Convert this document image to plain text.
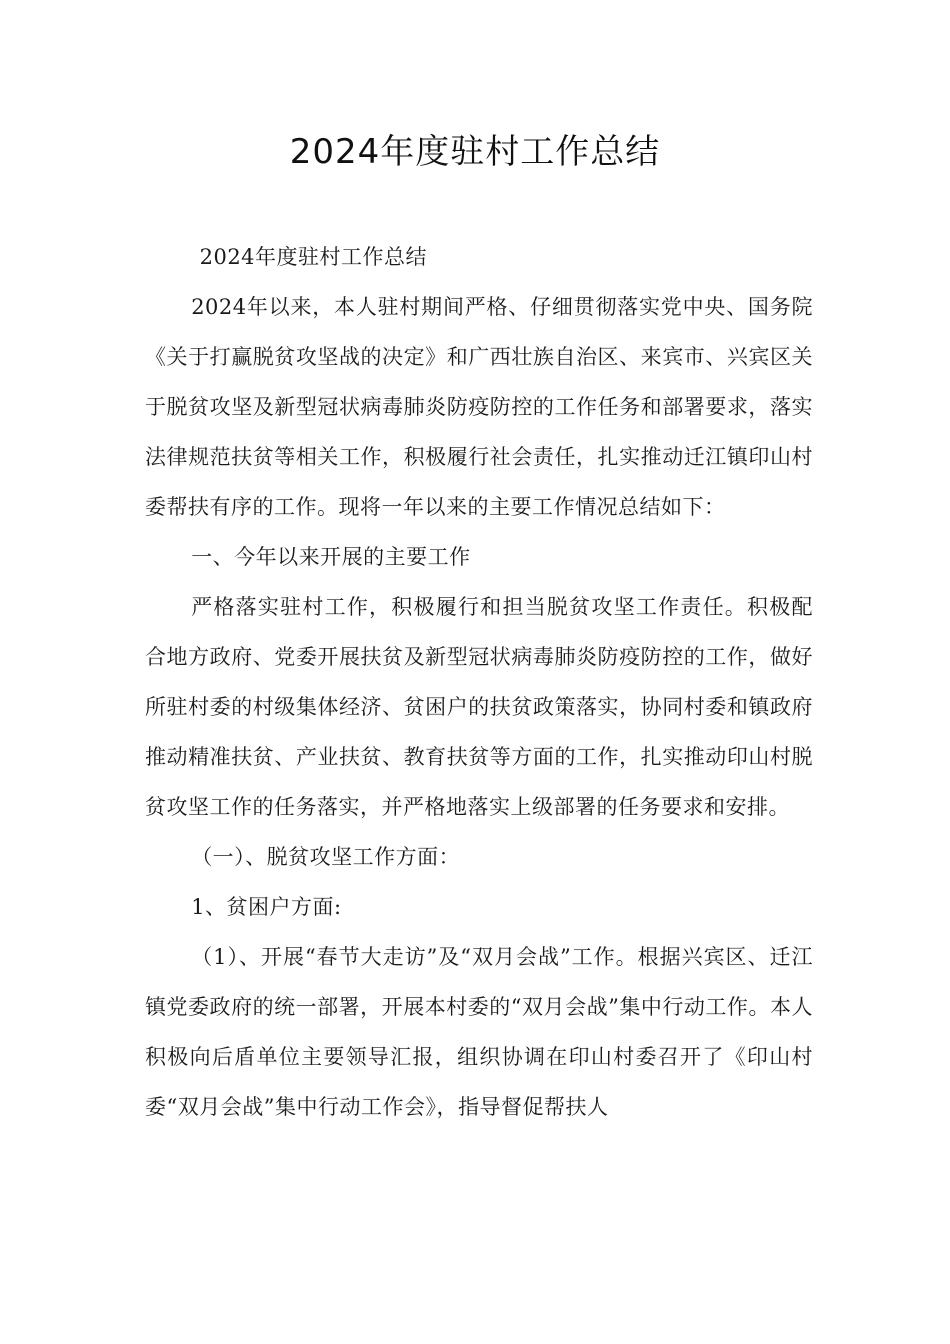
2024年度驻村工作总结

2024年度驻村工作总结

2024年以来，本人驻村期间严格、仔细贯彻落实党中央、国务院《关于打赢脱贫攻坚战的决定》和广西壮族自治区、来宾市、兴宾区关于脱贫攻坚及新型冠状病毒肺炎防疫防控的工作任务和部署要求，落实法律规范扶贫等相关工作，积极履行社会责任，扎实推动迁江镇印山村委帮扶有序的工作。现将一年以来的主要工作情况总结如下：

一、今年以来开展的主要工作

严格落实驻村工作，积极履行和担当脱贫攻坚工作责任。积极配合地方政府、党委开展扶贫及新型冠状病毒肺炎防疫防控的工作，做好所驻村委的村级集体经济、贫困户的扶贫政策落实，协同村委和镇政府推动精准扶贫、产业扶贫、教育扶贫等方面的工作，扎实推动印山村脱贫攻坚工作的任务落实，并严格地落实上级部署的任务要求和安排。

（一）、脱贫攻坚工作方面：

1、贫困户方面:

（1）、开展“春节大走访”及“双月会战”工作。根据兴宾区、迁江镇党委政府的统一部署，开展本村委的“双月会战”集中行动工作。本人积极向后盾单位主要领导汇报，组织协调在印山村委召开了《印山村委“双月会战”集中行动工作会》，指导督促帮扶人
